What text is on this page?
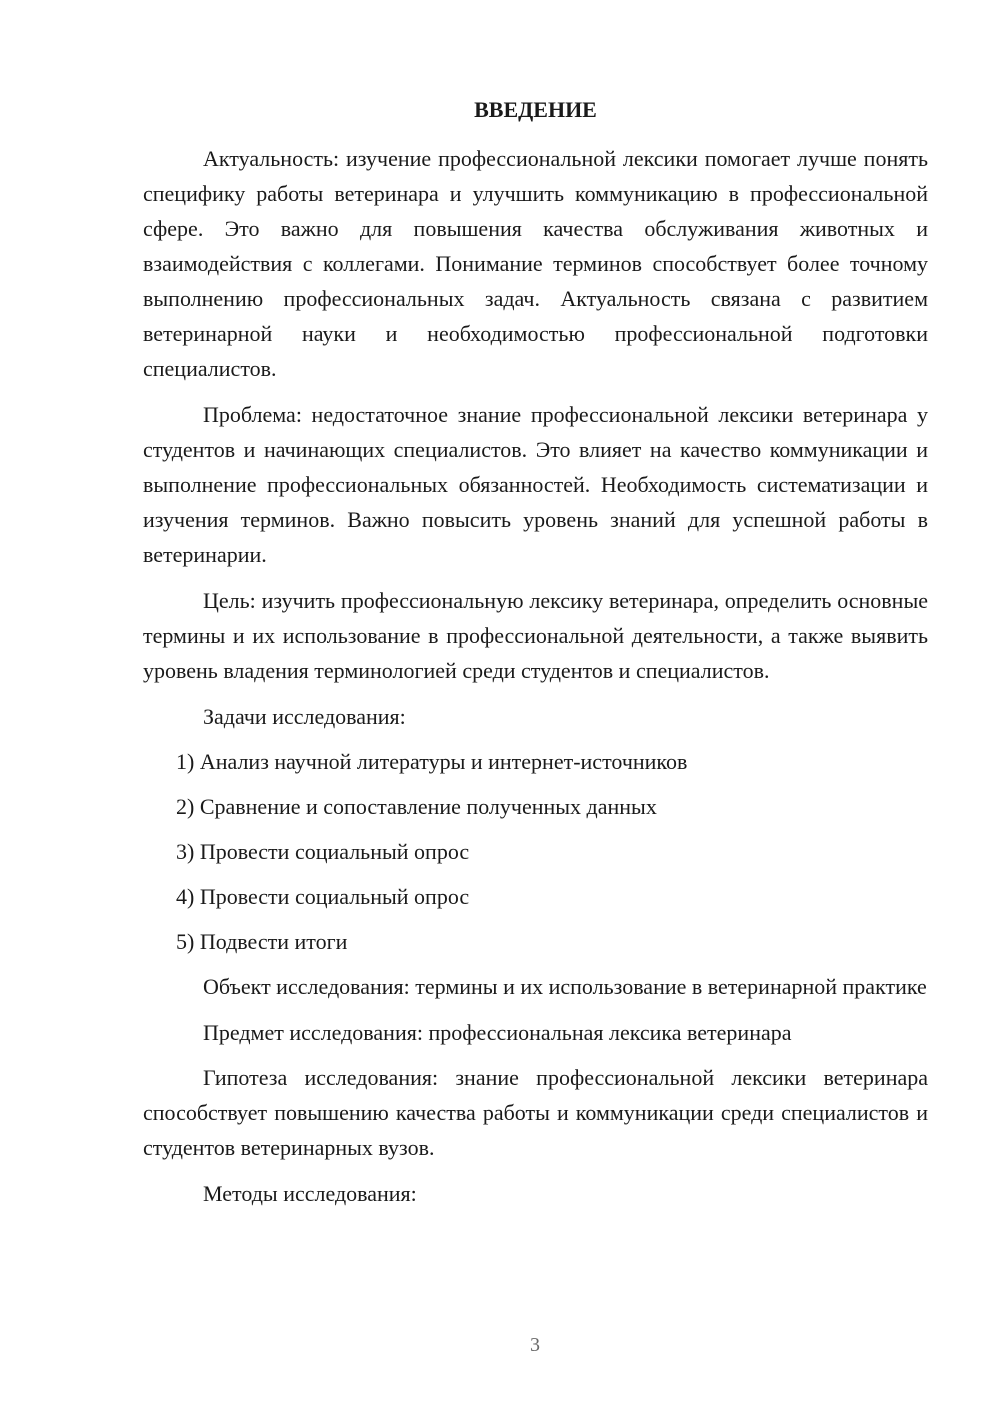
ВВЕДЕНИЕ

Актуальность: изучение профессиональной лексики помогает лучше понять специфику работы ветеринара и улучшить коммуникацию в профессиональной сфере. Это важно для повышения качества обслуживания животных и взаимодействия с коллегами. Понимание терминов способствует более точному выполнению профессиональных задач. Актуальность связана с развитием ветеринарной науки и необходимостью профессиональной подготовки специалистов.

Проблема: недостаточное знание профессиональной лексики ветеринара у студентов и начинающих специалистов. Это влияет на качество коммуникации и выполнение профессиональных обязанностей. Необходимость систематизации и изучения терминов. Важно повысить уровень знаний для успешной работы в ветеринарии.

Цель: изучить профессиональную лексику ветеринара, определить основные термины и их использование в профессиональной деятельности, а также выявить уровень владения терминологией среди студентов и специалистов.

Задачи исследования:

1) Анализ научной литературы и интернет-источников
2) Сравнение и сопоставление полученных данных
3) Провести социальный опрос
4) Провести социальный опрос
5) Подвести итоги

Объект исследования: термины и их использование в ветеринарной практике

Предмет исследования: профессиональная лексика ветеринара

Гипотеза исследования: знание профессиональной лексики ветеринара способствует повышению качества работы и коммуникации среди специалистов и студентов ветеринарных вузов.

Методы исследования:

3
